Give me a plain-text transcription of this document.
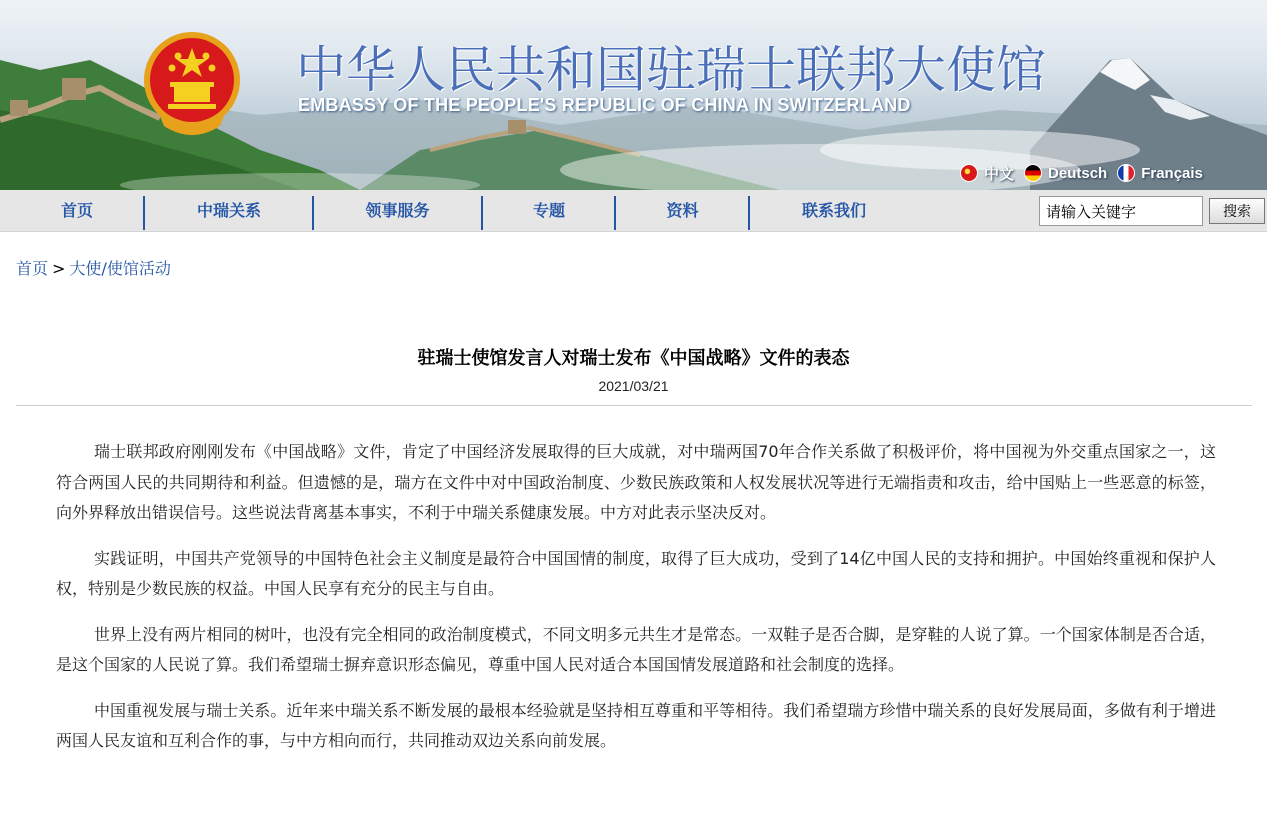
中华人民共和国驻瑞士联邦大使馆
EMBASSY OF THE PEOPLE'S REPUBLIC OF CHINA IN SWITZERLAND
中文 Deutsch Français
首页	中瑞关系	领事服务	专题	资料	联系我们
请输入关键字	搜索
首页 > 大使/使馆活动
驻瑞士使馆发言人对瑞士发布《中国战略》文件的表态
2021/03/21

瑞士联邦政府刚刚发布《中国战略》文件，肯定了中国经济发展取得的巨大成就，对中瑞两国70年合作关系做了积极评价，将中国视为外交重点国家之一，这符合两国人民的共同期待和利益。但遗憾的是，瑞方在文件中对中国政治制度、少数民族政策和人权发展状况等进行无端指责和攻击，给中国贴上一些恶意的标签，向外界释放出错误信号。这些说法背离基本事实，不利于中瑞关系健康发展。中方对此表示坚决反对。

实践证明，中国共产党领导的中国特色社会主义制度是最符合中国国情的制度，取得了巨大成功，受到了14亿中国人民的支持和拥护。中国始终重视和保护人权，特别是少数民族的权益。中国人民享有充分的民主与自由。

世界上没有两片相同的树叶，也没有完全相同的政治制度模式，不同文明多元共生才是常态。一双鞋子是否合脚，是穿鞋的人说了算。一个国家体制是否合适，是这个国家的人民说了算。我们希望瑞士摒弃意识形态偏见，尊重中国人民对适合本国国情发展道路和社会制度的选择。

中国重视发展与瑞士关系。近年来中瑞关系不断发展的最根本经验就是坚持相互尊重和平等相待。我们希望瑞方珍惜中瑞关系的良好发展局面，多做有利于增进两国人民友谊和互利合作的事，与中方相向而行，共同推动双边关系向前发展。
